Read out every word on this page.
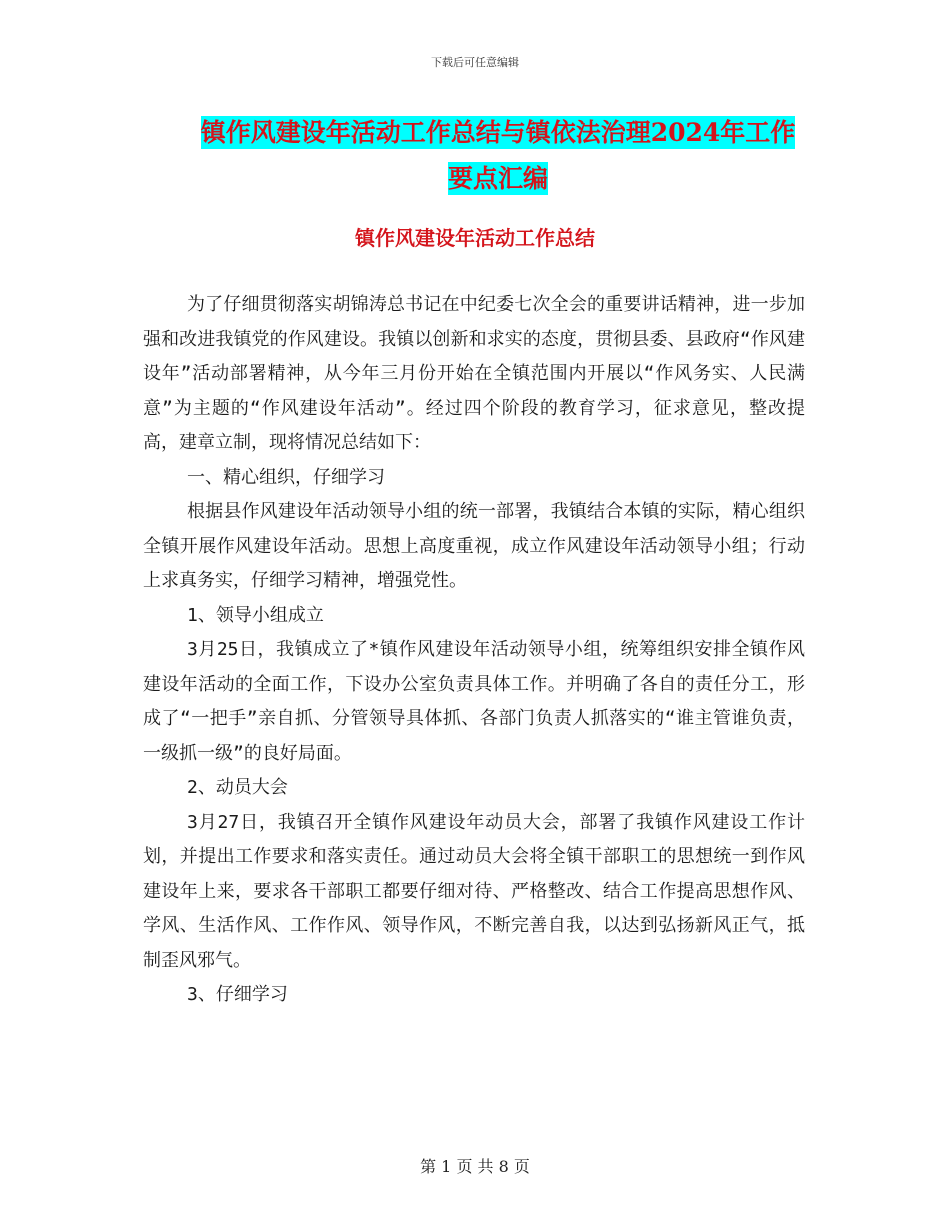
下载后可任意编辑
镇作风建设年活动工作总结与镇依法治理2024年工作
要点汇编
镇作风建设年活动工作总结

为了仔细贯彻落实胡锦涛总书记在中纪委七次全会的重要讲话精神，进一步加强和改进我镇党的作风建设。我镇以创新和求实的态度，贯彻县委、县政府“作风建设年”活动部署精神，从今年三月份开始在全镇范围内开展以“作风务实、人民满意”为主题的“作风建设年活动”。经过四个阶段的教育学习，征求意见，整改提高，建章立制，现将情况总结如下：

一、精心组织，仔细学习

根据县作风建设年活动领导小组的统一部署，我镇结合本镇的实际，精心组织全镇开展作风建设年活动。思想上高度重视，成立作风建设年活动领导小组；行动上求真务实，仔细学习精神，增强党性。

1、领导小组成立

3月25日，我镇成立了*镇作风建设年活动领导小组，统筹组织安排全镇作风建设年活动的全面工作，下设办公室负责具体工作。并明确了各自的责任分工，形成了“一把手”亲自抓、分管领导具体抓、各部门负责人抓落实的“谁主管谁负责，一级抓一级”的良好局面。

2、动员大会

3月27日，我镇召开全镇作风建设年动员大会，部署了我镇作风建设工作计划，并提出工作要求和落实责任。通过动员大会将全镇干部职工的思想统一到作风建设年上来，要求各干部职工都要仔细对待、严格整改、结合工作提高思想作风、学风、生活作风、工作作风、领导作风，不断完善自我，以达到弘扬新风正气，抵制歪风邪气。

3、仔细学习

第 1 页 共 8 页
